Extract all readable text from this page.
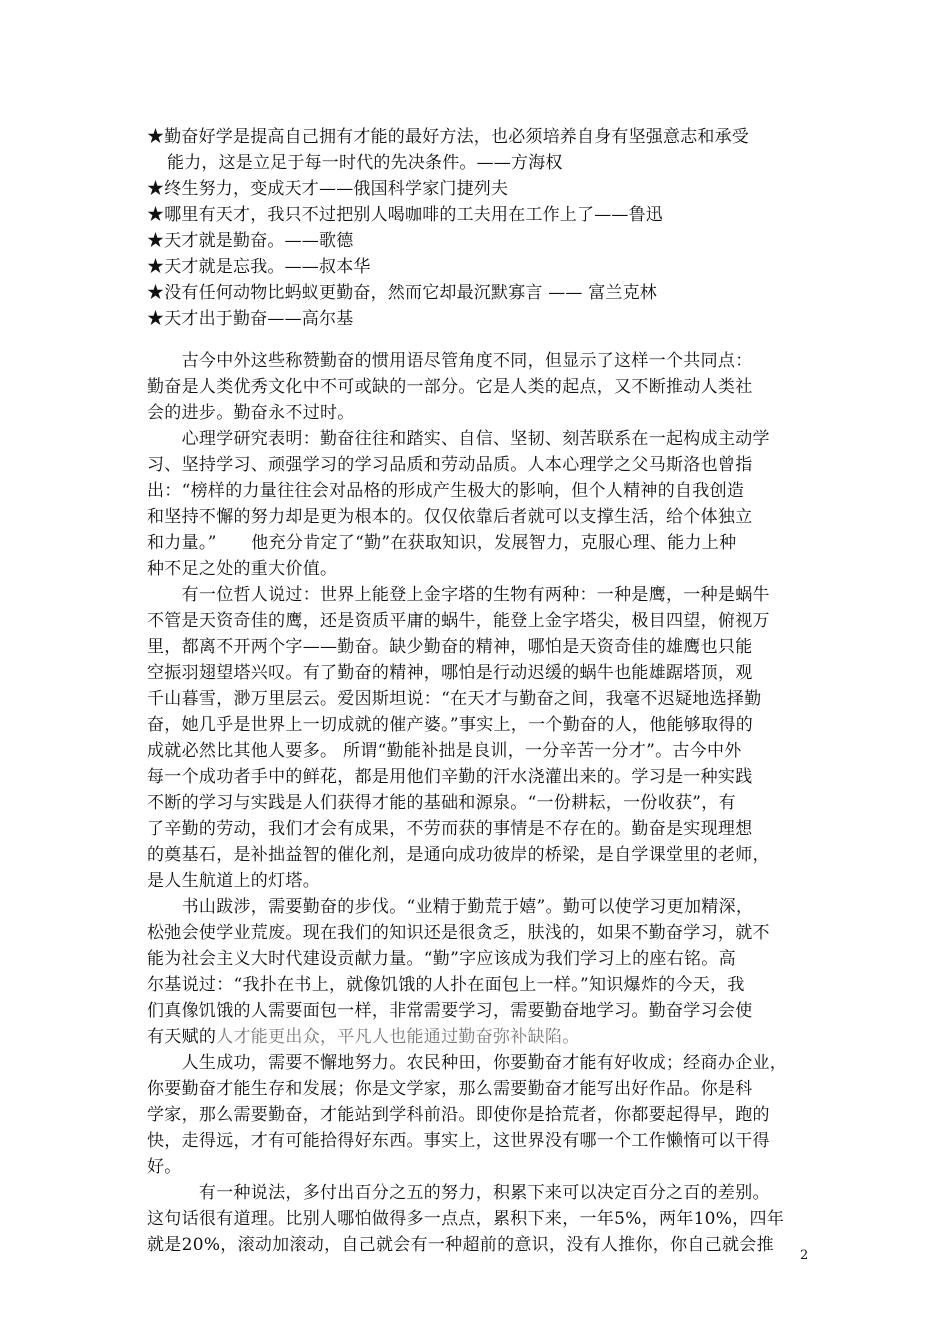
★勤奋好学是提高自己拥有才能的最好方法，也必须培养自身有坚强意志和承受
能力，这是立足于每一时代的先决条件。——方海权
★终生努力，变成天才——俄国科学家门捷列夫
★哪里有天才，我只不过把别人喝咖啡的工夫用在工作上了——鲁迅
★天才就是勤奋。——歌德
★天才就是忘我。——叔本华
★没有任何动物比蚂蚁更勤奋，然而它却最沉默寡言 —— 富兰克林
★天才出于勤奋——高尔基

　　古今中外这些称赞勤奋的惯用语尽管角度不同，但显示了这样一个共同点：
勤奋是人类优秀文化中不可或缺的一部分。它是人类的起点，又不断推动人类社
会的进步。勤奋永不过时。

　　心理学研究表明：勤奋往往和踏实、自信、坚韧、刻苦联系在一起构成主动学
习、坚持学习、顽强学习的学习品质和劳动品质。人本心理学之父马斯洛也曾指
出：“榜样的力量往往会对品格的形成产生极大的影响，但个人精神的自我创造
和坚持不懈的努力却是更为根本的。仅仅依靠后者就可以支撑生活，给个体独立
和力量。”　　他充分肯定了“勤”在获取知识，发展智力，克服心理、能力上种
种不足之处的重大价值。

　　有一位哲人说过：世界上能登上金字塔的生物有两种：一种是鹰，一种是蜗牛
不管是天资奇佳的鹰，还是资质平庸的蜗牛，能登上金字塔尖，极目四望，俯视万
里，都离不开两个字——勤奋。缺少勤奋的精神，哪怕是天资奇佳的雄鹰也只能
空振羽翅望塔兴叹。有了勤奋的精神，哪怕是行动迟缓的蜗牛也能雄踞塔顶，观
千山暮雪，渺万里层云。爱因斯坦说：“在天才与勤奋之间，我毫不迟疑地选择勤
奋，她几乎是世界上一切成就的催产婆。”事实上，一个勤奋的人，他能够取得的
成就必然比其他人要多。 所谓“勤能补拙是良训，一分辛苦一分才”。古今中外
每一个成功者手中的鲜花，都是用他们辛勤的汗水浇灌出来的。学习是一种实践
不断的学习与实践是人们获得才能的基础和源泉。“一份耕耘，一份收获”，有
了辛勤的劳动，我们才会有成果，不劳而获的事情是不存在的。勤奋是实现理想
的奠基石，是补拙益智的催化剂，是通向成功彼岸的桥梁，是自学课堂里的老师，
是人生航道上的灯塔。

　　书山跋涉，需要勤奋的步伐。“业精于勤荒于嬉”。勤可以使学习更加精深，
松弛会使学业荒废。现在我们的知识还是很贪乏，肤浅的，如果不勤奋学习，就不
能为社会主义大时代建设贡献力量。“勤”字应该成为我们学习上的座右铭。高
尔基说过：“我扑在书上，就像饥饿的人扑在面包上一样。”知识爆炸的今天，我
们真像饥饿的人需要面包一样，非常需要学习，需要勤奋地学习。勤奋学习会使
有天赋的人才能更出众，平凡人也能通过勤奋弥补缺陷。

　　人生成功，需要不懈地努力。农民种田，你要勤奋才能有好收成；经商办企业，
你要勤奋才能生存和发展；你是文学家，那么需要勤奋才能写出好作品。你是科
学家，那么需要勤奋，才能站到学科前沿。即使你是拾荒者，你都要起得早，跑的
快，走得远，才有可能拾得好东西。事实上，这世界没有哪一个工作懒惰可以干得
好。

　　　有一种说法，多付出百分之五的努力，积累下来可以决定百分之百的差别。
这句话很有道理。比别人哪怕做得多一点点，累积下来，一年5%，两年10%，四年
就是20%，滚动加滚动，自己就会有一种超前的意识，没有人推你，你自己就会推

2
